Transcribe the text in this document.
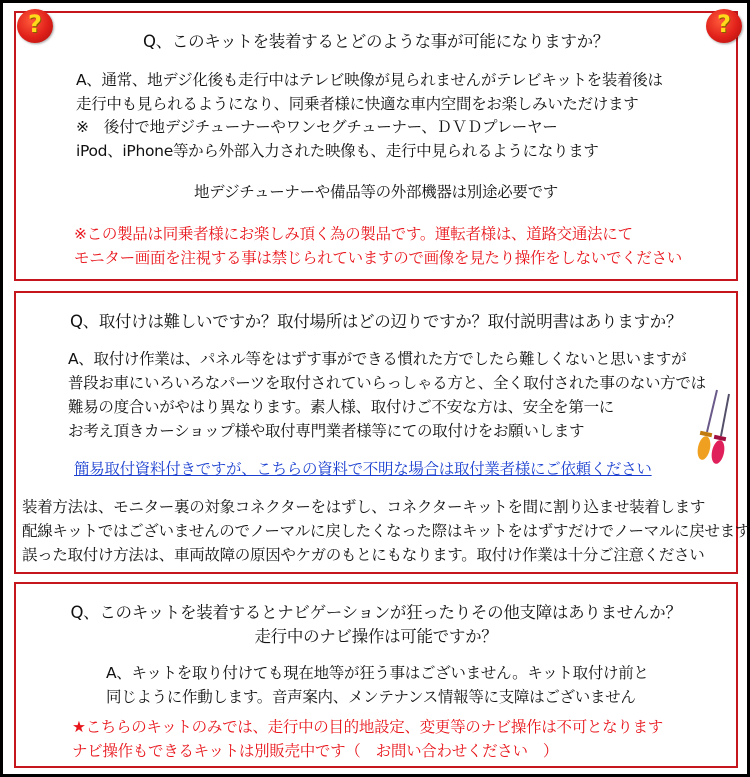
Q、このキットを装着するとどのような事が可能になりますか？
A、通常、地デジ化後も走行中はテレビ映像が見られませんがテレビキットを装着後は
走行中も見られるようになり、同乗者様に快適な車内空間をお楽しみいただけます
※　後付で地デジチューナーやワンセグチューナー、ＤＶＤプレーヤー
iPod、iPhone等から外部入力された映像も、走行中見られるようになります
地デジチューナーや備品等の外部機器は別途必要です
※この製品は同乗者様にお楽しみ頂く為の製品です。運転者様は、道路交通法にて
モニター画面を注視する事は禁じられていますので画像を見たり操作をしないでください
?	?
Q、取付けは難しいですか？取付場所はどの辺りですか？取付説明書はありますか？
A、取付け作業は、パネル等をはずす事ができる慣れた方でしたら難しくないと思いますが
普段お車にいろいろなパーツを取付されていらっしゃる方と、全く取付された事のない方では
難易の度合いがやはり異なります。素人様、取付けご不安な方は、安全を第一に
お考え頂きカーショップ様や取付専門業者様等にての取付けをお願いします
簡易取付資料付きですが、こちらの資料で不明な場合は取付業者様にご依頼ください
装着方法は、モニター裏の対象コネクターをはずし、コネクターキットを間に割り込ませ装着します
配線キットではございませんのでノーマルに戻したくなった際はキットをはずすだけでノーマルに戻せます
誤った取付け方法は、車両故障の原因やケガのもとにもなります。取付け作業は十分ご注意ください
Q、このキットを装着するとナビゲーションが狂ったりその他支障はありませんか？
走行中のナビ操作は可能ですか？
A、キットを取り付けても現在地等が狂う事はございません。キット取付け前と
同じように作動します。音声案内、メンテナンス情報等に支障はございません
★こちらのキットのみでは、走行中の目的地設定、変更等のナビ操作は不可となります
ナビ操作もできるキットは別販売中です（　お問い合わせください　）
